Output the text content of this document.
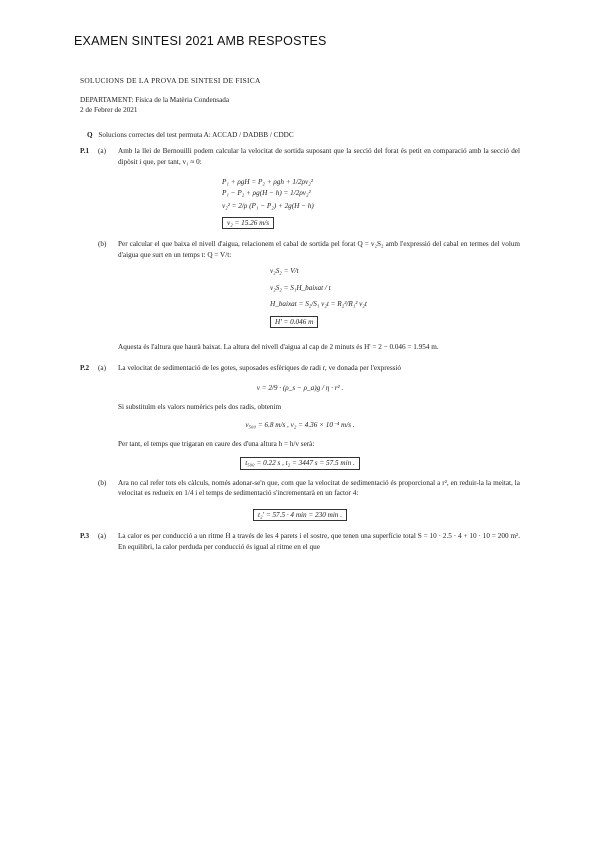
EXAMEN SINTESI 2021 AMB RESPOSTES

SOLUCIONS DE LA PROVA DE SINTESI DE FISICA

DEPARTAMENT: Física de la Matèria Condensada

2 de Febrer de 2021

Q Solucions correctes del test permuta A: ACCAD / DADBB / CDDC

P.1 (a) Amb la llei de Bernouilli podem calcular la velocitat de sortida suposant que la secció del forat és petit en comparació amb la secció del dipòsit i que, per tant, v₁ ≈ 0:

P₁ + ρgH = P₂ + ρgh + 1/2ρv₂²

P₁ − P₂ + ρg(H − h) = 1/2ρv₂²

v₂² = 2/ρ (P₁ − P₂) + 2g(H − h)

v₂ = 15.26 m/s

(b) Per calcular el que baixa el nivell d'aigua, relacionem el cabal de sortida pel forat Q = v₂S₂ amb l'expressió del cabal en termes del volum d'aigua que surt en un temps t: Q = V/t:

v₂S₂ = V/t

v₂S₂ = S₁H_baixat / t

H_baixat = S₂/S₁ v₂t = R₂²/R₁² v₂t

H' = 0.046 m

Aquesta és l'altura que haurà baixat. La altura del nivell d'aigua al cap de 2 minuts és H' = 2 − 0.046 = 1.954 m.

P.2 (a) La velocitat de sedimentació de les gotes, suposades esfèriques de radi r, ve donada per l'expressió

v = 2/9 · (ρ_s − ρ_a)g / η · r² .

Si substituïm els valors numèrics pels dos radis, obtenim

v₅₀₀ = 6.8 m/s , v₂ = 4.36 × 10⁻⁴ m/s .

Per tant, el temps que trigaran en caure des d'una altura h = h/v serà:

t₅₀₀ = 0.22 s , t₂ = 3447 s = 57.5 min .

(b) Ara no cal refer tots els càlculs, només adonar-se'n que, com que la velocitat de sedimentació és proporcional a r², en reduir-la la meitat, la velocitat es redueix en 1/4 i el temps de sedimentació s'incrementarà en un factor 4:

t₂' = 57.5 · 4 min = 230 min .

P.3 (a) La calor es per conducció a un ritme Ḣ a través de les 4 parets i el sostre, que tenen una superfície total S = 10 · 2.5 · 4 + 10 · 10 = 200 m². En equilibri, la calor perduda per conducció és igual al ritme en el que
